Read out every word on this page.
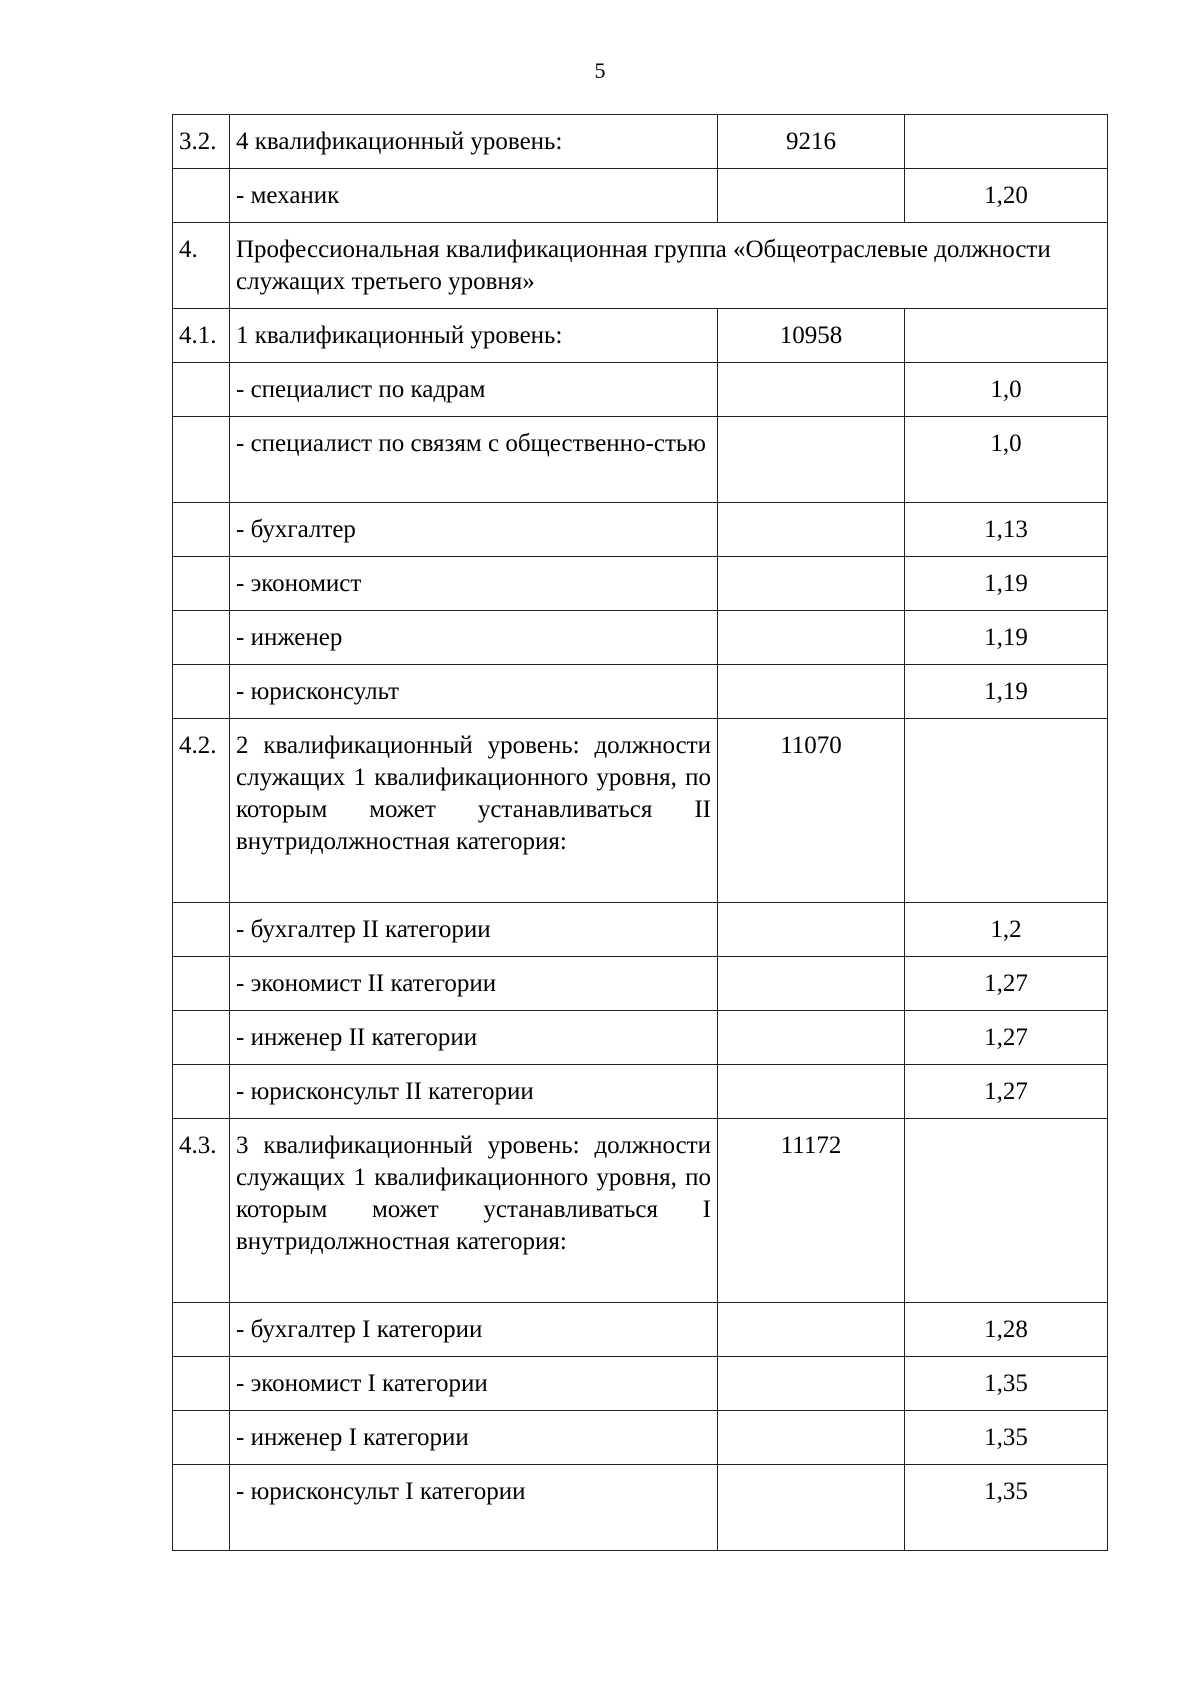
5
3.2.	4 квалификационный уровень:	9216	
	- механик		1,20
4.	Профессиональная квалификационная группа «Общеотраслевые должности служащих третьего уровня»		
4.1.	1 квалификационный уровень:	10958	
	- специалист по кадрам		1,0
	- специалист по связям с общественно-стью		1,0
	- бухгалтер		1,13
	- экономист		1,19
	- инженер		1,19
	- юрисконсульт		1,19
4.2.	2 квалификационный уровень: должности служащих 1 квалификационного уровня, по которым может устанавливаться II внутридолжностная категория:	11070	
	- бухгалтер II категории		1,2
	- экономист II категории		1,27
	- инженер II категории		1,27
	- юрисконсульт II категории		1,27
4.3.	3 квалификационный уровень: должности служащих 1 квалификационного уровня, по которым может устанавливаться I внутридолжностная категория:	11172	
	- бухгалтер I категории		1,28
	- экономист I категории		1,35
	- инженер I категории		1,35
	- юрисконсульт I категории		1,35
